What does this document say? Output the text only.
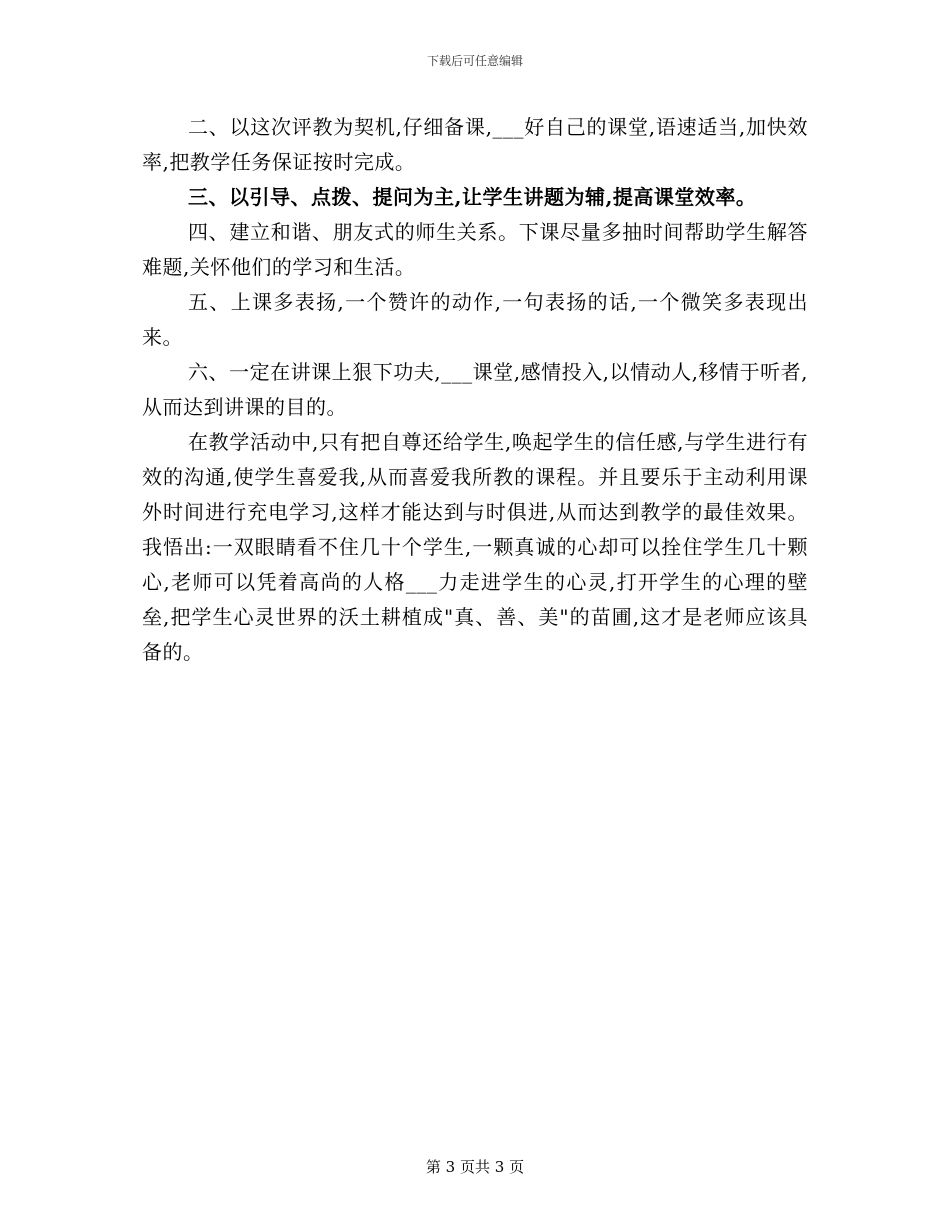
下载后可任意编辑

二、以这次评教为契机,仔细备课,___好自己的课堂,语速适当,加快效率,把教学任务保证按时完成。

三、以引导、点拨、提问为主,让学生讲题为辅,提高课堂效率。

四、建立和谐、朋友式的师生关系。下课尽量多抽时间帮助学生解答难题,关怀他们的学习和生活。

五、上课多表扬,一个赞许的动作,一句表扬的话,一个微笑多表现出来。

六、一定在讲课上狠下功夫,___课堂,感情投入,以情动人,移情于听者,从而达到讲课的目的。

在教学活动中,只有把自尊还给学生,唤起学生的信任感,与学生进行有效的沟通,使学生喜爱我,从而喜爱我所教的课程。并且要乐于主动利用课外时间进行充电学习,这样才能达到与时俱进,从而达到教学的最佳效果。我悟出:一双眼睛看不住几十个学生,一颗真诚的心却可以拴住学生几十颗心,老师可以凭着高尚的人格___力走进学生的心灵,打开学生的心理的壁垒,把学生心灵世界的沃土耕植成"真、善、美"的苗圃,这才是老师应该具备的。

第 3 页共 3 页
